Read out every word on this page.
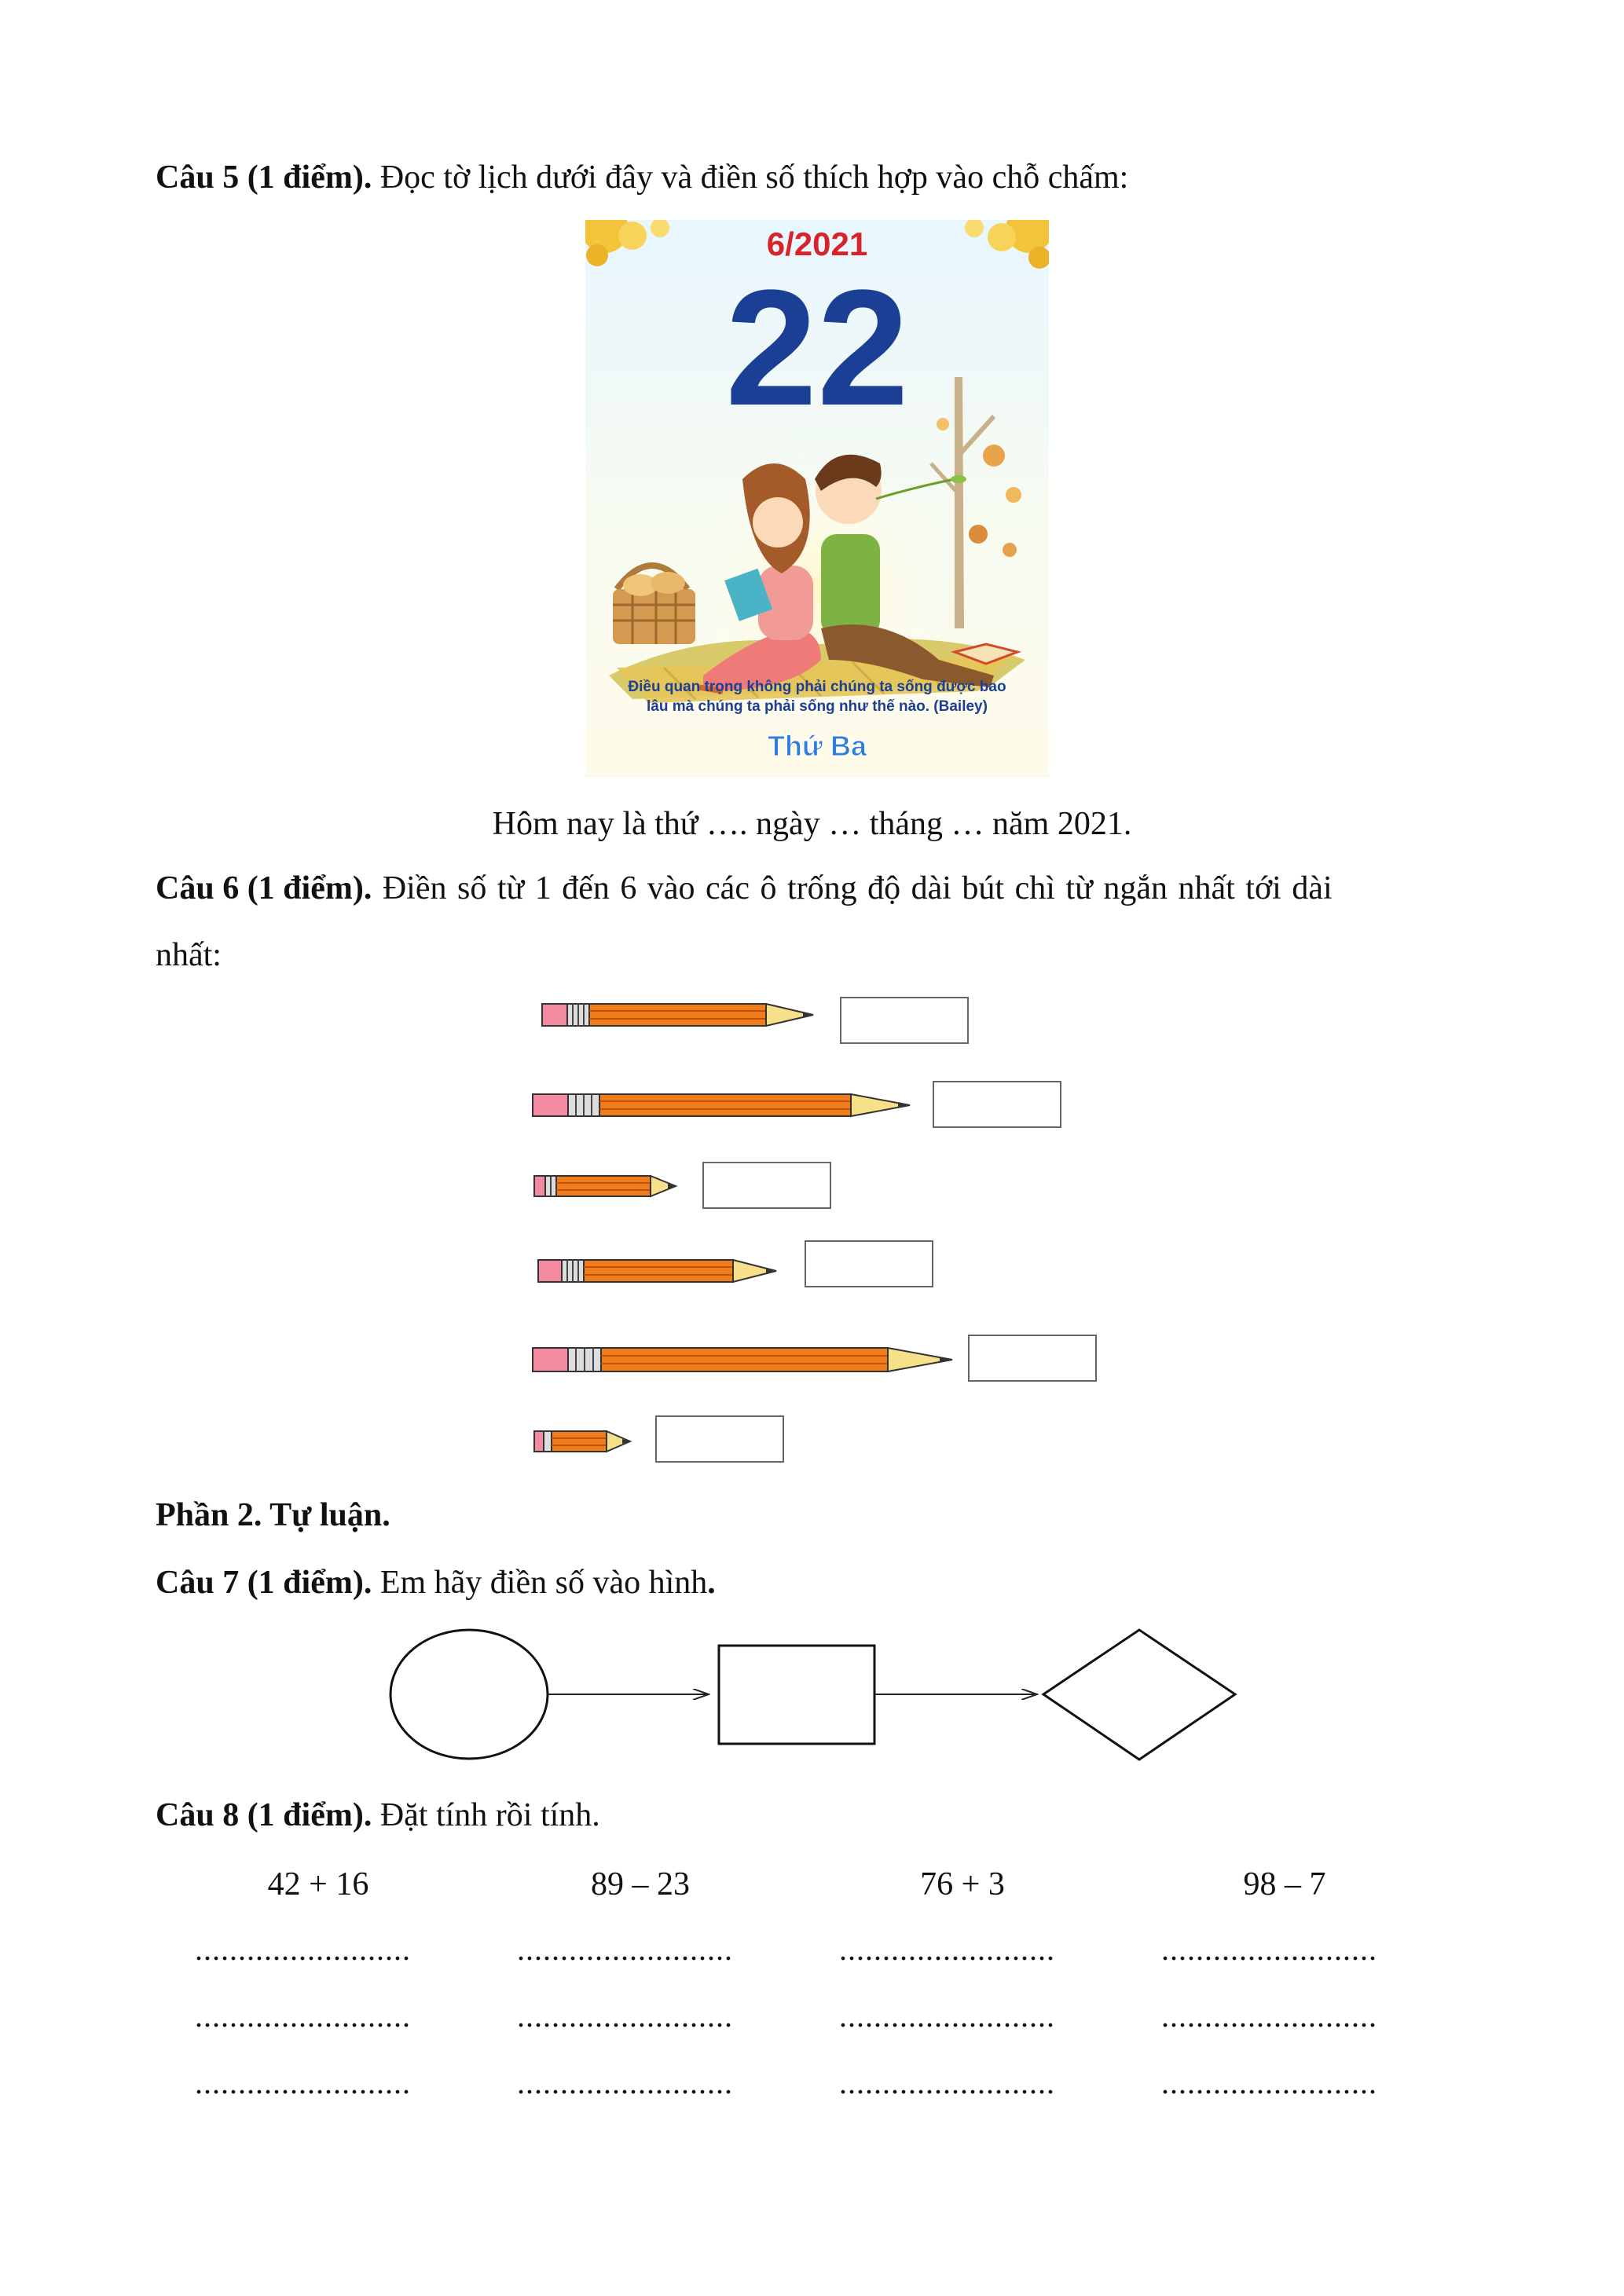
Câu 5 (1 điểm). Đọc tờ lịch dưới đây và điền số thích hợp vào chỗ chấm:
6/2021
22
Điều quan trọng không phải chúng ta sống được bao
lâu mà chúng ta phải sống như thế nào. (Bailey)
Thứ Ba
Hôm nay là thứ …. ngày … tháng … năm 2021.
Câu 6 (1 điểm). Điền số từ 1 đến 6 vào các ô trống độ dài bút chì từ ngắn nhất tới dài
nhất:
Phần 2. Tự luận.
Câu 7 (1 điểm). Em hãy điền số vào hình.
Câu 8 (1 điểm). Đặt tính rồi tính.
42 + 16	89 – 23	76 + 3	98 – 7
.........................	.........................	.........................	.........................
.........................	.........................	.........................	.........................
.........................	.........................	.........................	.........................
